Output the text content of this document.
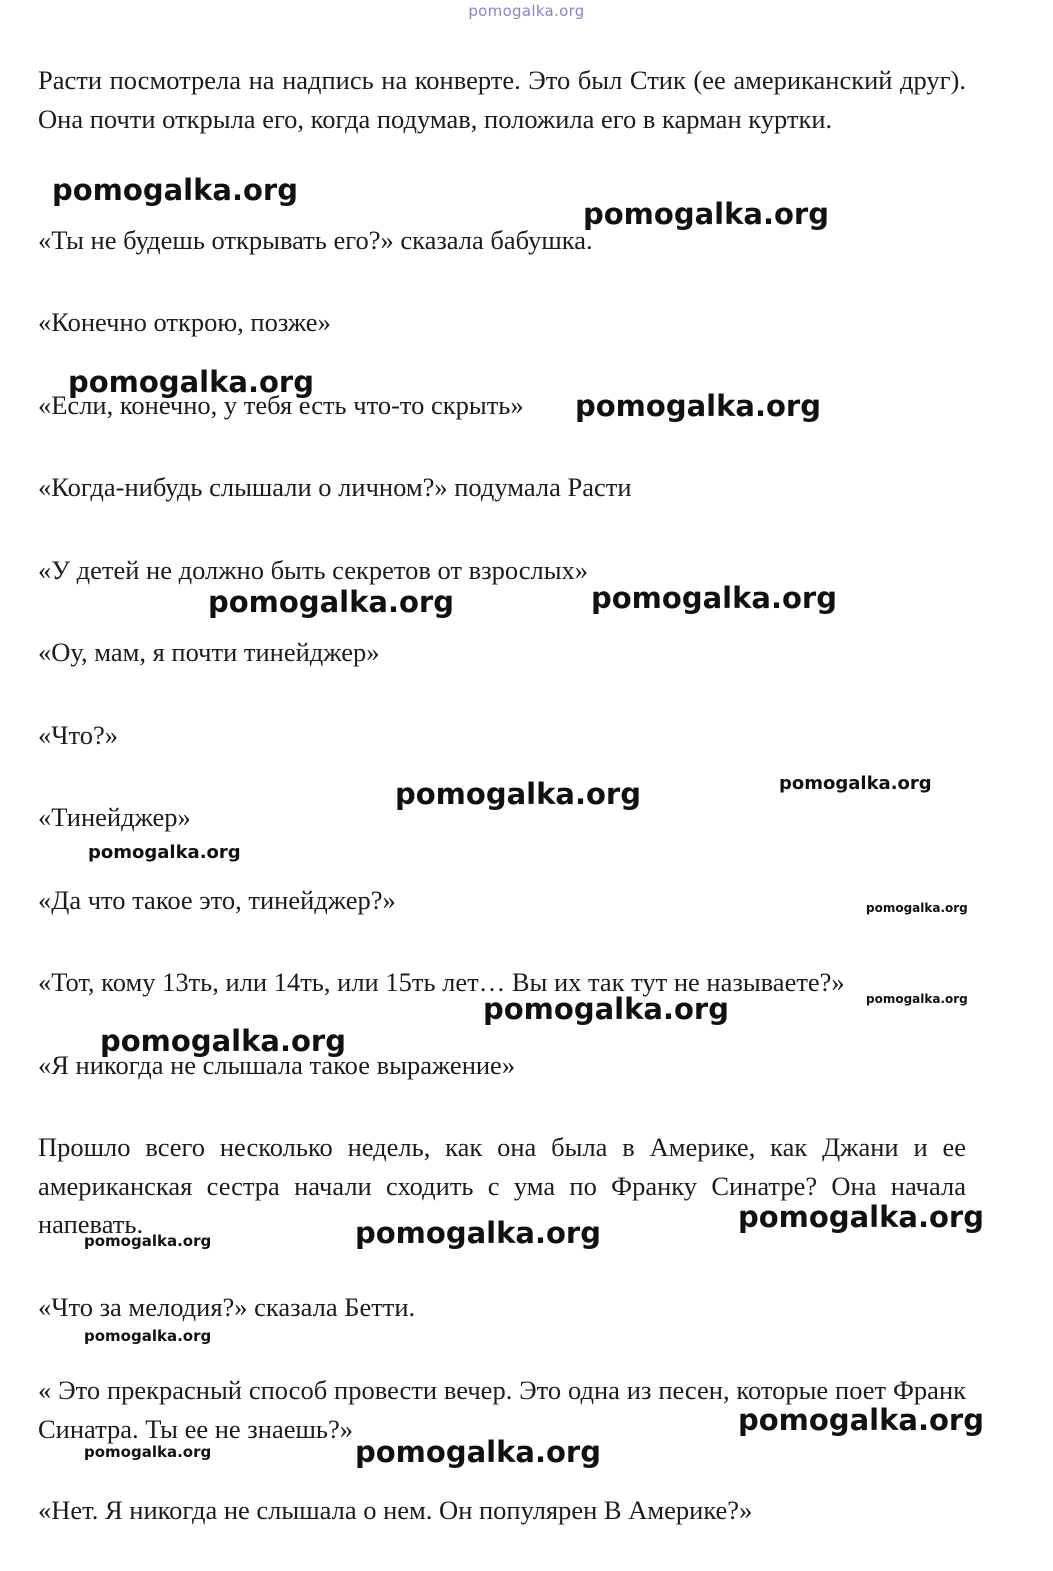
pomogalka.org

Расти посмотрела на надпись на конверте. Это был Стик (ее американский друг). Она почти открыла его, когда подумав, положила его в карман куртки.

«Ты не будешь открывать его?» сказала бабушка.

«Конечно открою, позже»

«Если, конечно, у тебя есть что-то скрыть»

«Когда-нибудь слышали о личном?» подумала Расти

«У детей не должно быть секретов от взрослых»

«Оу, мам, я почти тинейджер»

«Что?»

«Тинейджер»

«Да что такое это, тинейджер?»

«Тот, кому 13ть, или 14ть, или 15ть лет… Вы их так тут не называете?»

«Я никогда не слышала такое выражение»

Прошло всего несколько недель, как она была в Америке, как Джани и ее американская сестра начали сходить с ума по Франку Синатре? Она начала напевать.

«Что за мелодия?» сказала Бетти.

« Это прекрасный способ провести вечер. Это одна из песен, которые поет Франк Синатра. Ты ее не знаешь?»

«Нет. Я никогда не слышала о нем. Он популярен В Америке?»

pomogalka.org
pomogalka.org
pomogalka.org
pomogalka.org
pomogalka.org	pomogalka.org
pomogalka.org	pomogalka.org
pomogalka.org
pomogalka.org
pomogalka.org	pomogalka.org
pomogalka.org
pomogalka.org
pomogalka.org	pomogalka.org
pomogalka.org
pomogalka.org
pomogalka.org	pomogalka.org
